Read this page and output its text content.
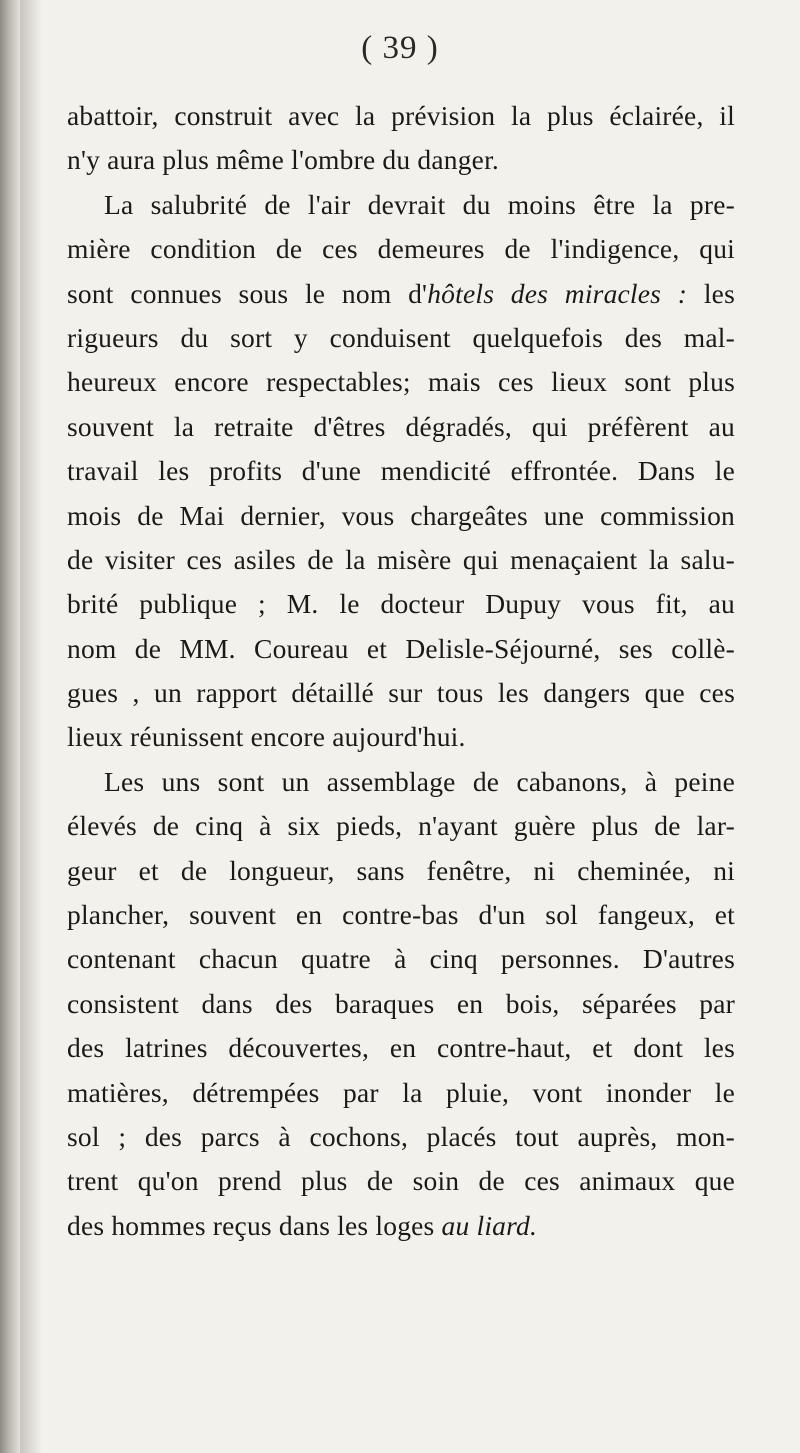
( 39 )
abattoir, construit avec la prévision la plus éclairée, il
n'y aura plus même l'ombre du danger.
La salubrité de l'air devrait du moins être la pre-
mière condition de ces demeures de l'indigence, qui
sont connues sous le nom d'hôtels des miracles : les
rigueurs du sort y conduisent quelquefois des mal-
heureux encore respectables; mais ces lieux sont plus
souvent la retraite d'êtres dégradés, qui préfèrent au
travail les profits d'une mendicité effrontée. Dans le
mois de Mai dernier, vous chargeâtes une commission
de visiter ces asiles de la misère qui menaçaient la salu-
brité publique ; M. le docteur Dupuy vous fit, au
nom de MM. Coureau et Delisle-Séjourné, ses collè-
gues , un rapport détaillé sur tous les dangers que ces
lieux réunissent encore aujourd'hui.
Les uns sont un assemblage de cabanons, à peine
élevés de cinq à six pieds, n'ayant guère plus de lar-
geur et de longueur, sans fenêtre, ni cheminée, ni
plancher, souvent en contre-bas d'un sol fangeux, et
contenant chacun quatre à cinq personnes. D'autres
consistent dans des baraques en bois, séparées par
des latrines découvertes, en contre-haut, et dont les
matières, détrempées par la pluie, vont inonder le
sol ; des parcs à cochons, placés tout auprès, mon-
trent qu'on prend plus de soin de ces animaux que
des hommes reçus dans les loges au liard.
